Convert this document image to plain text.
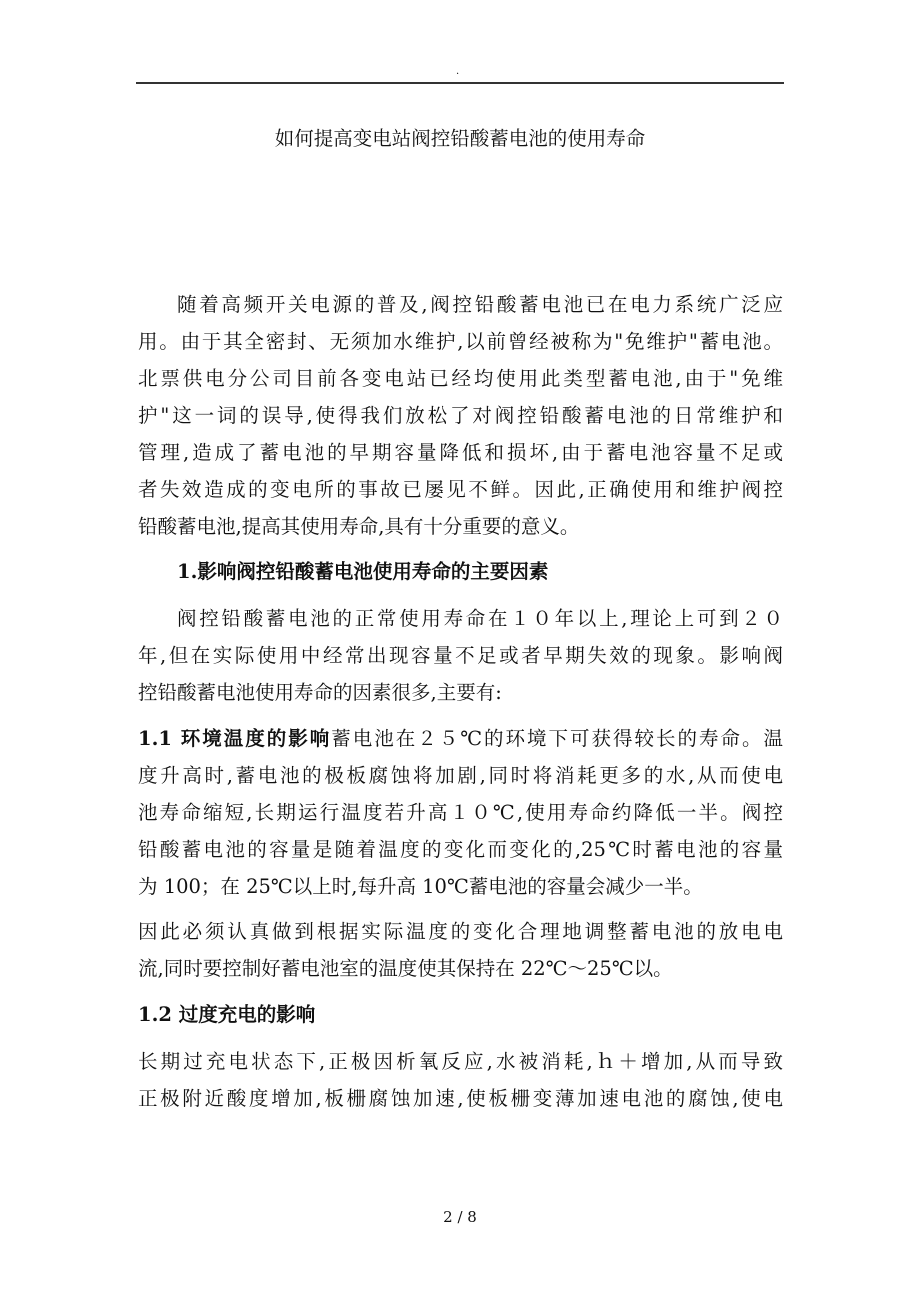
.
如何提高变电站阀控铅酸蓄电池的使用寿命
随着高频开关电源的普及,阀控铅酸蓄电池已在电力系统广泛应
用。由于其全密封、无须加水维护,以前曾经被称为"免维护"蓄电池。
北票供电分公司目前各变电站已经均使用此类型蓄电池,由于"免维
护"这一词的误导,使得我们放松了对阀控铅酸蓄电池的日常维护和
管理,造成了蓄电池的早期容量降低和损坏,由于蓄电池容量不足或
者失效造成的变电所的事故已屡见不鲜。因此,正确使用和维护阀控
铅酸蓄电池,提高其使用寿命,具有十分重要的意义。
1.影响阀控铅酸蓄电池使用寿命的主要因素
阀控铅酸蓄电池的正常使用寿命在１０年以上,理论上可到２０
年,但在实际使用中经常出现容量不足或者早期失效的现象。影响阀
控铅酸蓄电池使用寿命的因素很多,主要有:
1.1 环境温度的影响蓄电池在２５℃的环境下可获得较长的寿命。温
度升高时,蓄电池的极板腐蚀将加剧,同时将消耗更多的水,从而使电
池寿命缩短,长期运行温度若升高１０℃,使用寿命约降低一半。阀控
铅酸蓄电池的容量是随着温度的变化而变化的,25℃时蓄电池的容量
为 100；在 25℃以上时,每升高 10℃蓄电池的容量会减少一半。
因此必须认真做到根据实际温度的变化合理地调整蓄电池的放电电
流,同时要控制好蓄电池室的温度使其保持在 22℃～25℃以。
1.2 过度充电的影响
长期过充电状态下,正极因析氧反应,水被消耗,ｈ＋增加,从而导致
正极附近酸度增加,板栅腐蚀加速,使板栅变薄加速电池的腐蚀,使电
2 / 8
